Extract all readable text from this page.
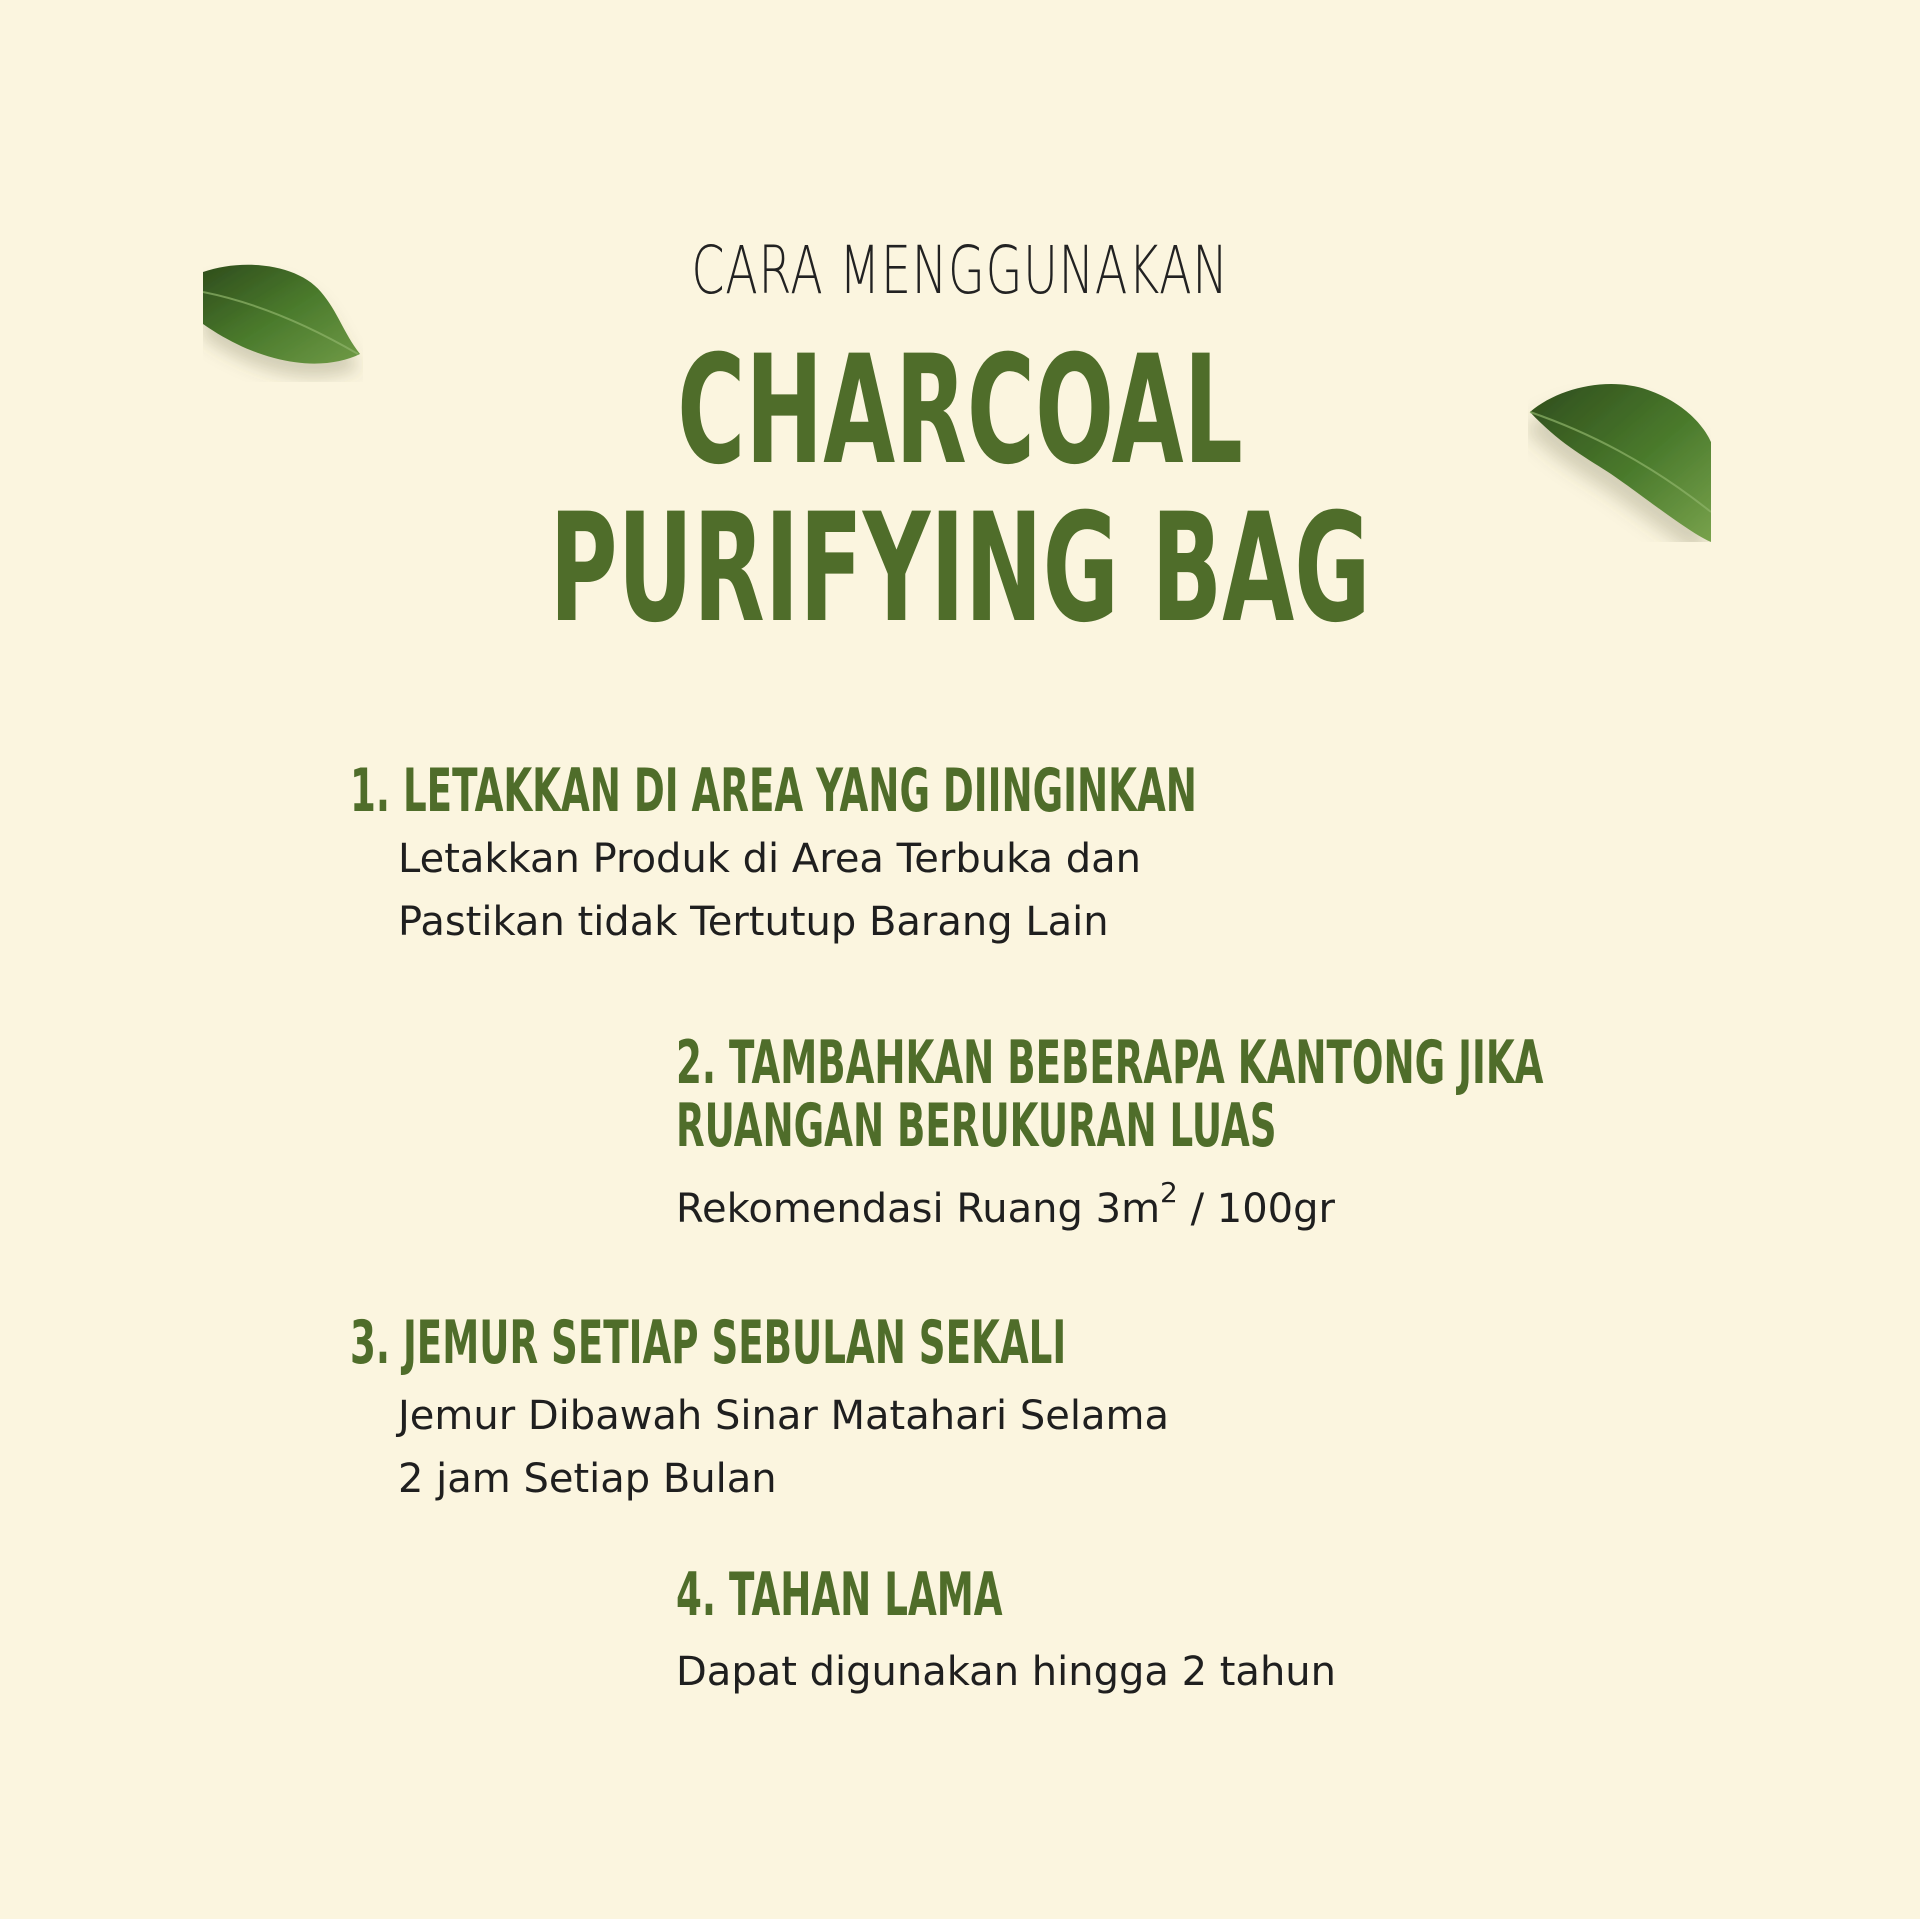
CARA MENGGUNAKAN
CHARCOAL
PURIFYING BAG
1. LETAKKAN DI AREA YANG DIINGINKAN
Letakkan Produk di Area Terbuka dan
Pastikan tidak Tertutup Barang Lain
2. TAMBAHKAN BEBERAPA KANTONG JIKA
RUANGAN BERUKURAN LUAS
Rekomendasi Ruang $3m^2 / 100gr$
3. JEMUR SETIAP SEBULAN SEKALI
Jemur Dibawah Sinar Matahari Selama
2 jam Setiap Bulan
4. TAHAN LAMA
Dapat digunakan hingga 2 tahun
